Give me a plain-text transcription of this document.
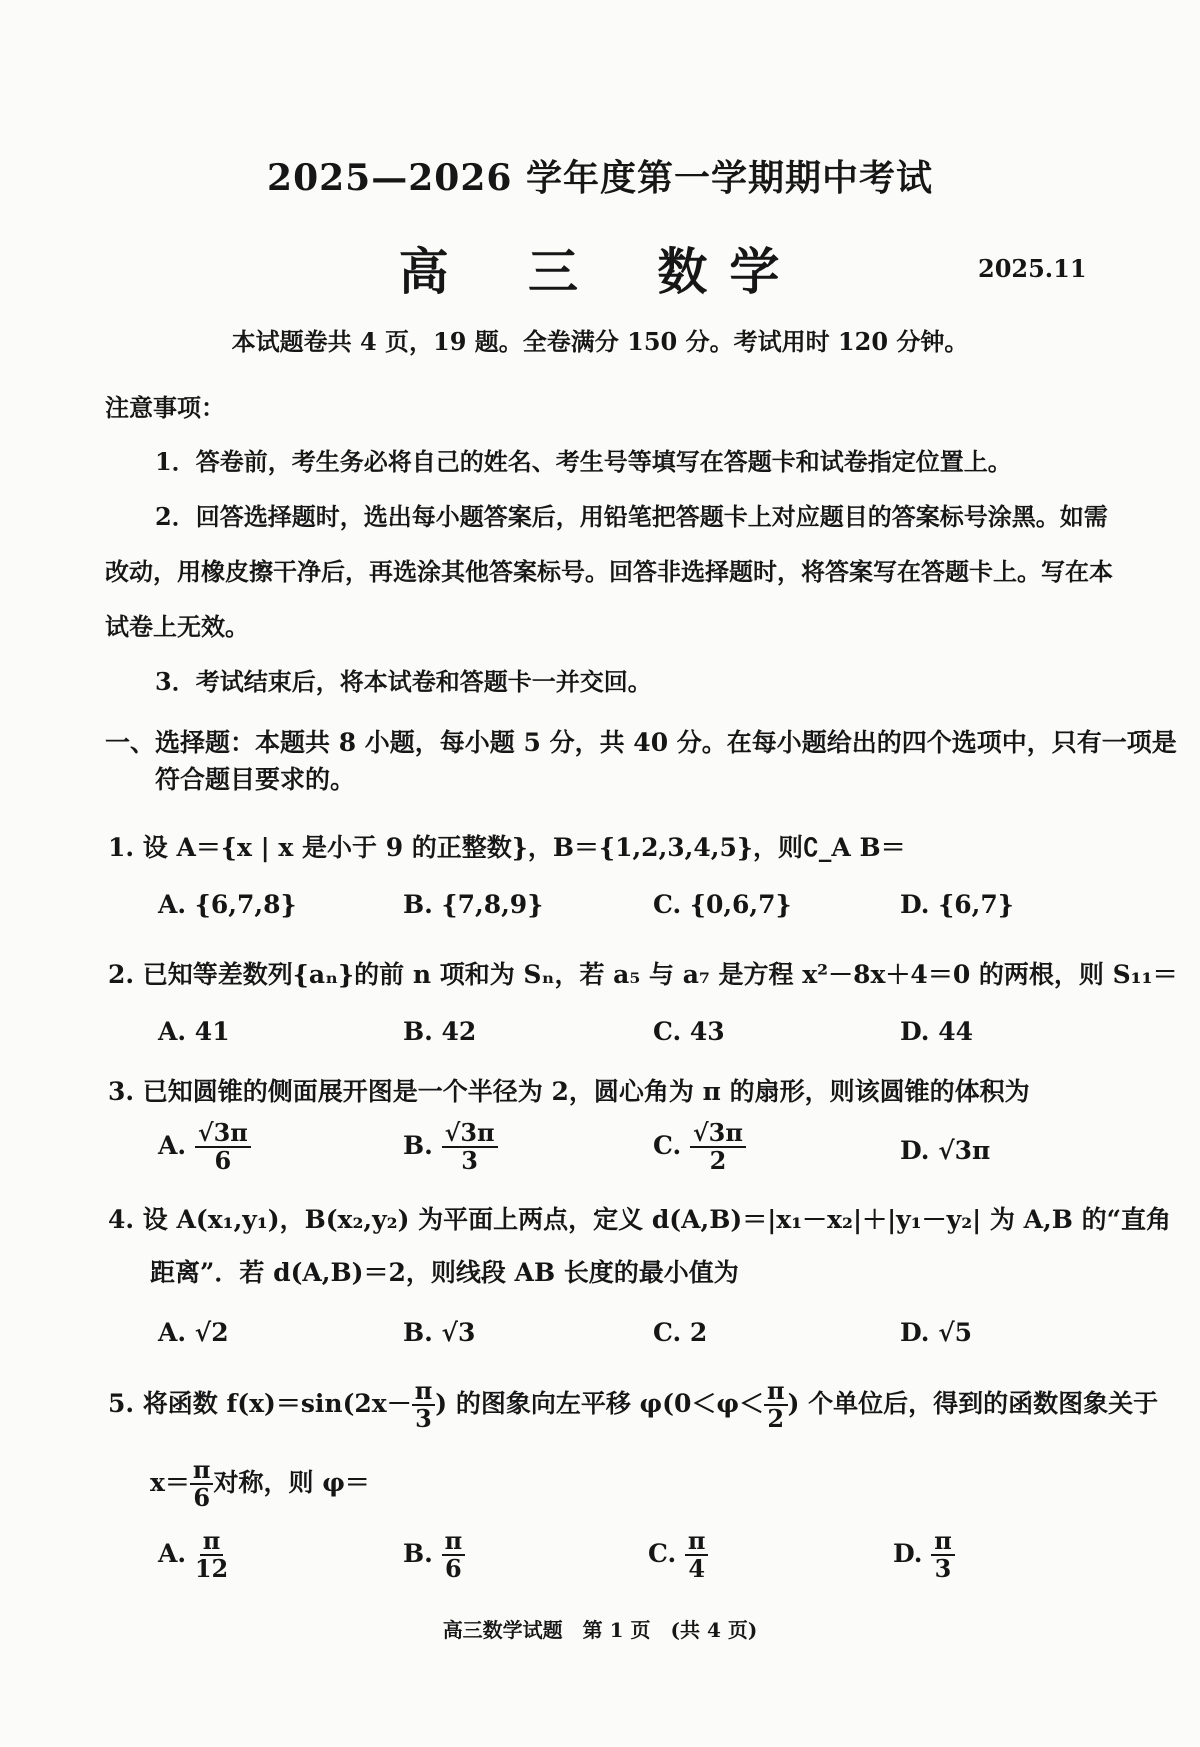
2025—2026 学年度第一学期期中考试
高 三 数学	2025.11
本试题卷共 4 页，19 题。全卷满分 150 分。考试用时 120 分钟。
注意事项：
1．答卷前，考生务必将自己的姓名、考生号等填写在答题卡和试卷指定位置上。
2．回答选择题时，选出每小题答案后，用铅笔把答题卡上对应题目的答案标号涂黑。如需
改动，用橡皮擦干净后，再选涂其他答案标号。回答非选择题时，将答案写在答题卡上。写在本
试卷上无效。
3．考试结束后，将本试卷和答题卡一并交回。
一、选择题：本题共 8 小题，每小题 5 分，共 40 分。在每小题给出的四个选项中，只有一项是
符合题目要求的。
1. 设 A＝{x | x 是小于 9 的正整数}，B＝{1,2,3,4,5}，则∁_A B＝
A. {6,7,8}	B. {7,8,9}	C. {0,6,7}	D. {6,7}
2. 已知等差数列{aₙ}的前 n 项和为 Sₙ，若 a₅ 与 a₇ 是方程 x²－8x＋4＝0 的两根，则 S₁₁＝
A. 41	B. 42	C. 43	D. 44
3. 已知圆锥的侧面展开图是一个半径为 2，圆心角为 π 的扇形，则该圆锥的体积为
A. $\frac{√3\pi}{6}$	B. $\frac{√3\pi}{3}$	C. $\frac{√3\pi}{2}$	D. √3π
4. 设 A(x₁,y₁)，B(x₂,y₂) 为平面上两点，定义 d(A,B)＝|x₁－x₂|＋|y₁－y₂| 为 A,B 的“直角
距离”．若 d(A,B)＝2，则线段 AB 长度的最小值为
A. √2	B. √3	C. 2	D. √5
5. 将函数 $f(x)=\sin(2x- \frac{\pi}{3}$ ) 的图象向左平移 $\varphi(0<\varphi< \frac{\pi}{2}$ ) 个单位后，得到的函数图象关于
$x= \frac{\pi}{6}$ 对称，则 φ＝
A. $\frac{\pi}{12}$	B. $\frac{\pi}{6}$	C. $\frac{\pi}{4}$	D. $\frac{\pi}{3}$
高三数学试题　第 1 页　(共 4 页)
